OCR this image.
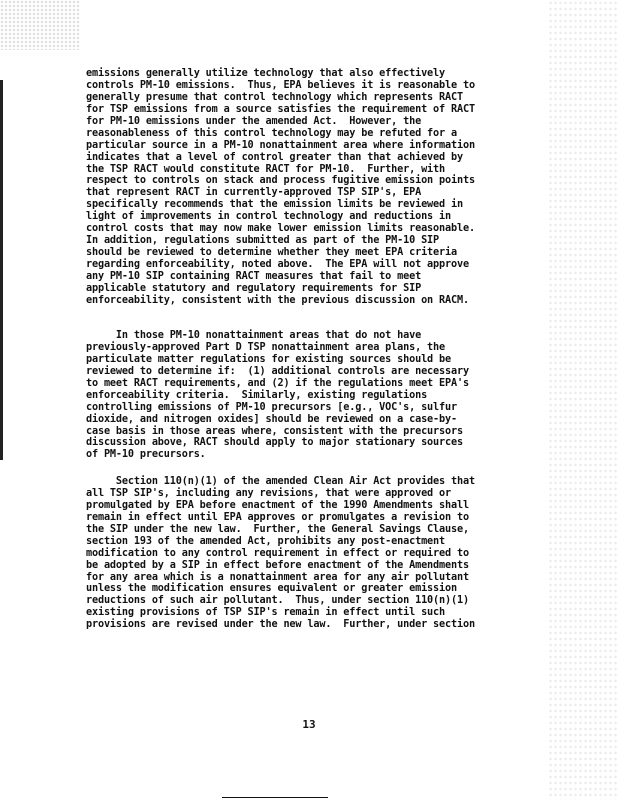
emissions generally utilize technology that also effectively
controls PM-10 emissions.  Thus, EPA believes it is reasonable to
generally presume that control technology which represents RACT
for TSP emissions from a source satisfies the requirement of RACT
for PM-10 emissions under the amended Act.  However, the
reasonableness of this control technology may be refuted for a
particular source in a PM-10 nonattainment area where information
indicates that a level of control greater than that achieved by
the TSP RACT would constitute RACT for PM-10.  Further, with
respect to controls on stack and process fugitive emission points
that represent RACT in currently-approved TSP SIP's, EPA
specifically recommends that the emission limits be reviewed in
light of improvements in control technology and reductions in
control costs that may now make lower emission limits reasonable.
In addition, regulations submitted as part of the PM-10 SIP
should be reviewed to determine whether they meet EPA criteria
regarding enforceability, noted above.  The EPA will not approve
any PM-10 SIP containing RACT measures that fail to meet
applicable statutory and regulatory requirements for SIP
enforceability, consistent with the previous discussion on RACM.
In those PM-10 nonattainment areas that do not have
previously-approved Part D TSP nonattainment area plans, the
particulate matter regulations for existing sources should be
reviewed to determine if:  (1) additional controls are necessary
to meet RACT requirements, and (2) if the regulations meet EPA's
enforceability criteria.  Similarly, existing regulations
controlling emissions of PM-10 precursors [e.g., VOC's, sulfur
dioxide, and nitrogen oxides] should be reviewed on a case-by-
case basis in those areas where, consistent with the precursors
discussion above, RACT should apply to major stationary sources
of PM-10 precursors.
Section 110(n)(1) of the amended Clean Air Act provides that
all TSP SIP's, including any revisions, that were approved or
promulgated by EPA before enactment of the 1990 Amendments shall
remain in effect until EPA approves or promulgates a revision to
the SIP under the new law.  Further, the General Savings Clause,
section 193 of the amended Act, prohibits any post-enactment
modification to any control requirement in effect or required to
be adopted by a SIP in effect before enactment of the Amendments
for any area which is a nonattainment area for any air pollutant
unless the modification ensures equivalent or greater emission
reductions of such air pollutant.  Thus, under section 110(n)(1)
existing provisions of TSP SIP's remain in effect until such
provisions are revised under the new law.  Further, under section
13
